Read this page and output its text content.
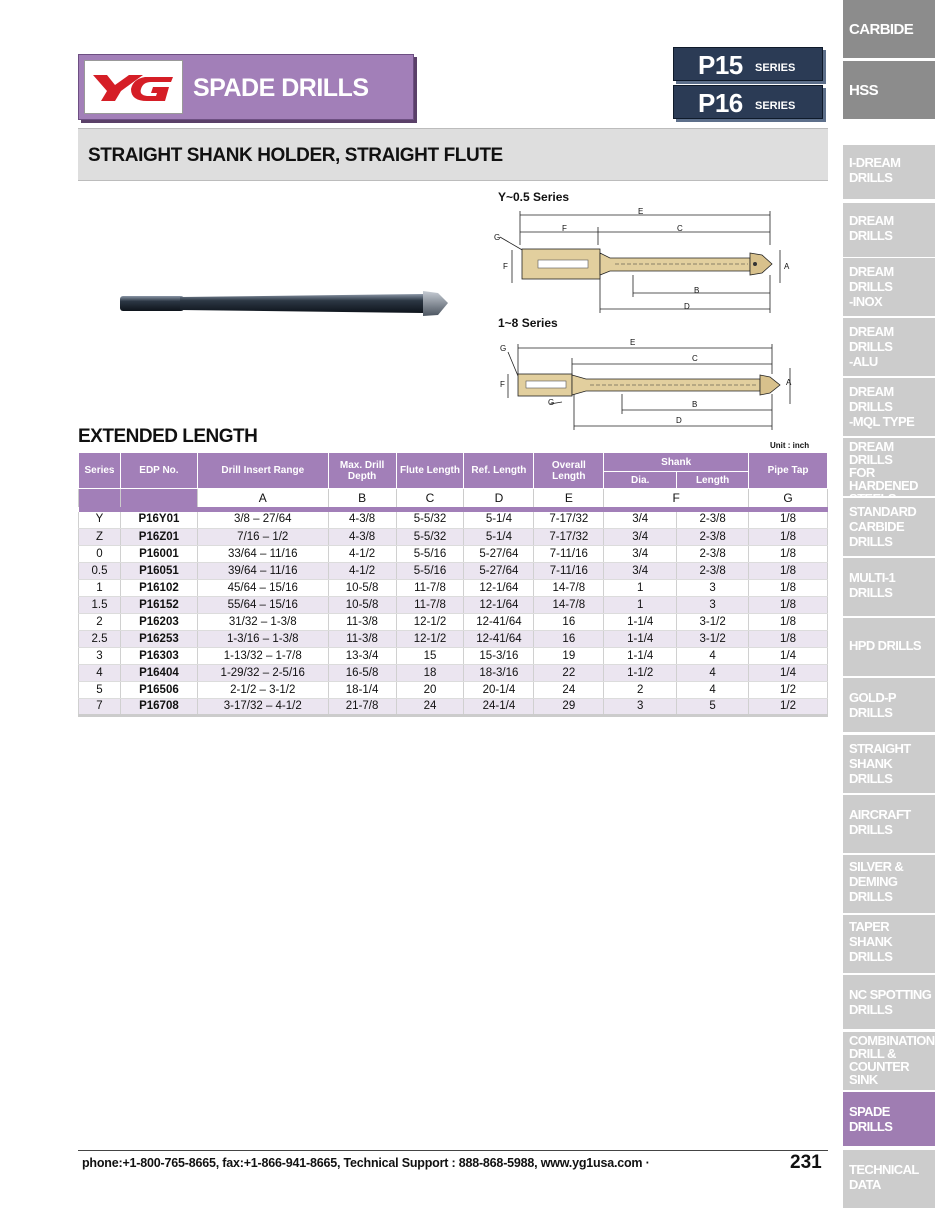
CARBIDE
HSS
I-DREAM
DRILLS
DREAM
DRILLS
DREAM
DRILLS
-INOX
DREAM
DRILLS
-ALU
DREAM
DRILLS
-MQL TYPE
DREAM
DRILLS
FOR HARDENED

STANDARD
CARBIDE
DRILLS
MULTI-1
DRILLS
HPD DRILLS
GOLD-P
DRILLS
STRAIGHT
SHANK
DRILLS
AIRCRAFT
DRILLS
SILVER &
DEMING
DRILLS
TAPER
SHANK
DRILLS
NC SPOTTING
DRILLS
COMBINATION
DRILL &
COUNTER
SINK
SPADE
DRILLS
TECHNICAL
DATA
YG
SPADE DRILLS
P15 SERIES
P16 SERIES
STRAIGHT SHANK HOLDER, STRAIGHT FLUTE
Y~0.5 Series
E
F	C
G
F	A
B
D
1~8 Series
G
E
C
F	A
G	B
D
EXTENDED LENGTH	Unit : inch
Series	EDP No.	Drill Insert Range	Max. Drill Depth	Flute Length	Ref. Length	Overall Length	Shank		Pipe Tap
							Dia.	Length	
		A	B	C	D	E	F		G

Y	P16Y01	3/8 – 27/64	4-3/8	5-5/32	5-1/4	7-17/32	3/4	2-3/8	1/8
Z	P16Z01	7/16 – 1/2	4-3/8	5-5/32	5-1/4	7-17/32	3/4	2-3/8	1/8
0	P16001	33/64 – 11/16	4-1/2	5-5/16	5-27/64	7-11/16	3/4	2-3/8	1/8
0.5	P16051	39/64 – 11/16	4-1/2	5-5/16	5-27/64	7-11/16	3/4	2-3/8	1/8
1	P16102	45/64 – 15/16	10-5/8	11-7/8	12-1/64	14-7/8	1	3	1/8
1.5	P16152	55/64 – 15/16	10-5/8	11-7/8	12-1/64	14-7/8	1	3	1/8
2	P16203	31/32 – 1-3/8	11-3/8	12-1/2	12-41/64	16	1-1/4	3-1/2	1/8
2.5	P16253	1-3/16 – 1-3/8	11-3/8	12-1/2	12-41/64	16	1-1/4	3-1/2	1/8
3	P16303	1-13/32 – 1-7/8	13-3/4	15	15-3/16	19	1-1/4	4	1/4
4	P16404	1-29/32 – 2-5/16	16-5/8	18	18-3/16	22	1-1/2	4	1/4
5	P16506	2-1/2 – 3-1/2	18-1/4	20	20-1/4	24	2	4	1/2
7	P16708	3-17/32 – 4-1/2	21-7/8	24	24-1/4	29	3	5	1/2
phone:+1-800-765-8665, fax:+1-866-941-8665, Technical Support : 888-868-5988, www.yg1usa.com ·	231
